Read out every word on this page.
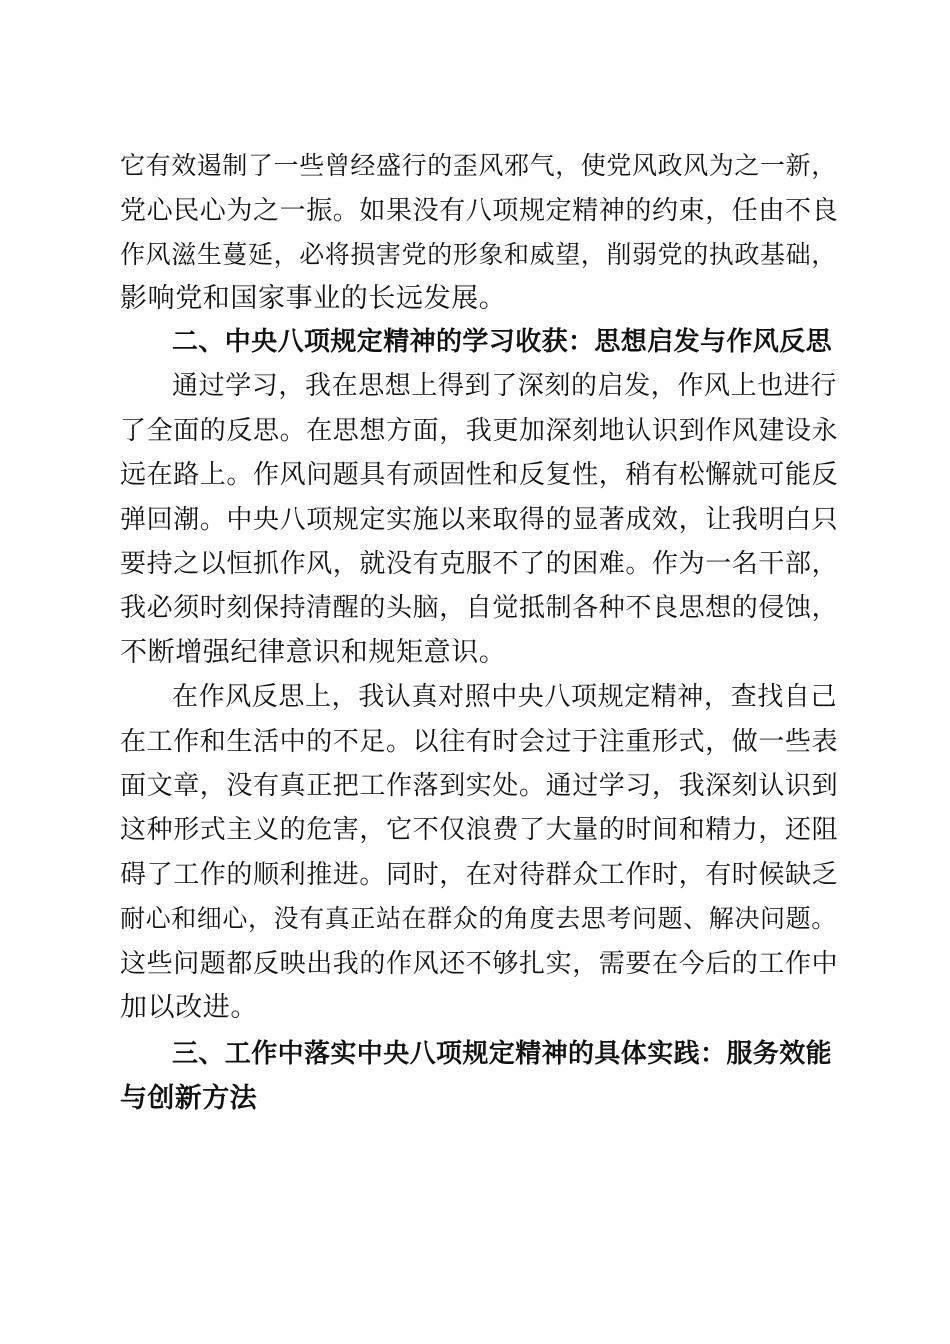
它有效遏制了一些曾经盛行的歪风邪气，使党风政风为之一新，
党心民心为之一振。如果没有八项规定精神的约束，任由不良
作风滋生蔓延，必将损害党的形象和威望，削弱党的执政基础，
影响党和国家事业的长远发展。
二、中央八项规定精神的学习收获：思想启发与作风反思
通过学习，我在思想上得到了深刻的启发，作风上也进行
了全面的反思。在思想方面，我更加深刻地认识到作风建设永
远在路上。作风问题具有顽固性和反复性，稍有松懈就可能反
弹回潮。中央八项规定实施以来取得的显著成效，让我明白只
要持之以恒抓作风，就没有克服不了的困难。作为一名干部，
我必须时刻保持清醒的头脑，自觉抵制各种不良思想的侵蚀，
不断增强纪律意识和规矩意识。
在作风反思上，我认真对照中央八项规定精神，查找自己
在工作和生活中的不足。以往有时会过于注重形式，做一些表
面文章，没有真正把工作落到实处。通过学习，我深刻认识到
这种形式主义的危害，它不仅浪费了大量的时间和精力，还阻
碍了工作的顺利推进。同时，在对待群众工作时，有时候缺乏
耐心和细心，没有真正站在群众的角度去思考问题、解决问题。
这些问题都反映出我的作风还不够扎实，需要在今后的工作中
加以改进。
三、工作中落实中央八项规定精神的具体实践：服务效能
与创新方法
